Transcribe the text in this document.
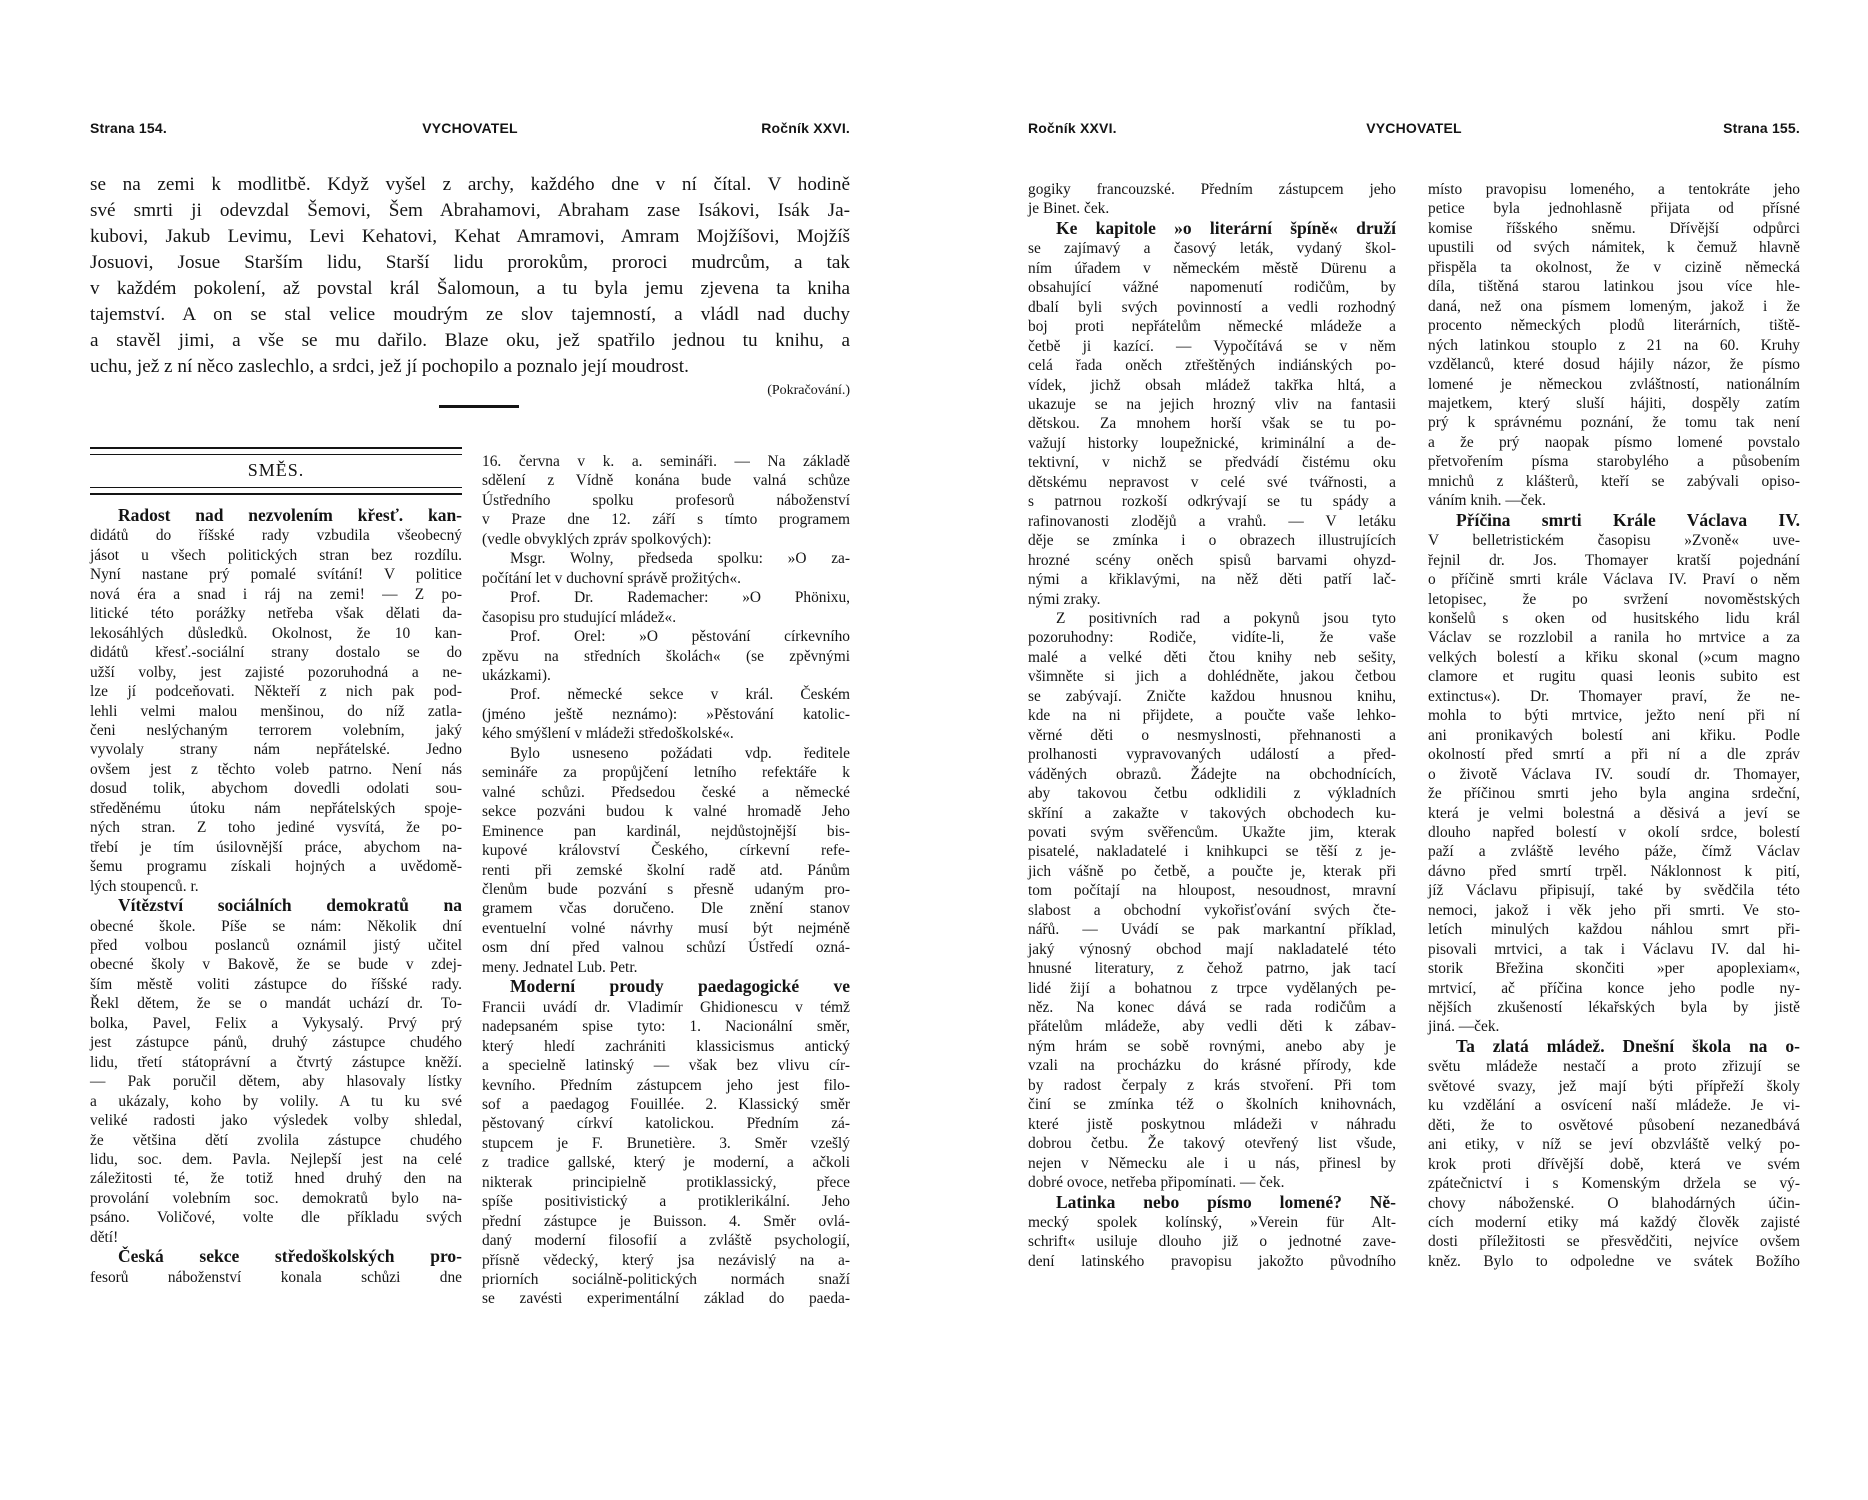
Strana 154.	VYCHOVATEL	Ročník XXVI.
se na zemi k modlitbě. Když vyšel z archy, každého dne v ní čítal. V hodině
své smrti ji odevzdal Šemovi, Šem Abrahamovi, Abraham zase Isákovi, Isák Ja-
kubovi, Jakub Levimu, Levi Kehatovi, Kehat Amramovi, Amram Mojžíšovi, Mojžíš
Josuovi, Josue Starším lidu, Starší lidu prorokům, proroci mudrcům, a tak
v každém pokolení, až povstal král Šalomoun, a tu byla jemu zjevena ta kniha
tajemství. A on se stal velice moudrým ze slov tajemností, a vládl nad duchy
a stavěl jimi, a vše se mu dařilo. Blaze oku, jež spatřilo jednou tu knihu, a
uchu, jež z ní něco zaslechlo, a srdci, jež jí pochopilo a poznalo její moudrost.
(Pokračování.)
SMĚS.
Radost nad nezvolením křesť. kan-
didátů do říšské rady vzbudila všeobecný
jásot u všech politických stran bez rozdílu.
Nyní nastane prý pomalé svítání! V politice
nová éra a snad i ráj na zemi! — Z po-
litické této porážky netřeba však dělati da-
lekosáhlých důsledků. Okolnost, že 10 kan-
didátů křesť.-sociální strany dostalo se do
užší volby, jest zajisté pozoruhodná a ne-
lze jí podceňovati. Někteří z nich pak pod-
lehli velmi malou menšinou, do níž zatla-
čeni neslýchaným terrorem volebním, jaký
vyvolaly strany nám nepřátelské. Jedno
ovšem jest z těchto voleb patrno. Není nás
dosud tolik, abychom dovedli odolati sou-
středěnému útoku nám nepřátelských spoje-
ných stran. Z toho jediné vysvítá, že po-
třebí je tím úsilovnější práce, abychom na-
šemu programu získali hojných a uvědomě-
lých stoupenců. r.
Vítězství sociálních demokratů na
obecné škole. Píše se nám: Několik dní
před volbou poslanců oznámil jistý učitel
obecné školy v Bakově, že se bude v zdej-
ším městě voliti zástupce do říšské rady.
Řekl dětem, že se o mandát uchází dr. To-
bolka, Pavel, Felix a Vykysalý. Prvý prý
jest zástupce pánů, druhý zástupce chudého
lidu, třetí státoprávní a čtvrtý zástupce kněží.
— Pak poručil dětem, aby hlasovaly lístky
a ukázaly, koho by volily. A tu ku své
veliké radosti jako výsledek volby shledal,
že většina dětí zvolila zástupce chudého
lidu, soc. dem. Pavla. Nejlepší jest na celé
záležitosti té, že totiž hned druhý den na
provolání volebním soc. demokratů bylo na-
psáno. Voličové, volte dle příkladu svých
dětí!
Česká sekce středoškolských pro-
fesorů náboženství konala schůzi dne
16. června v k. a. semináři. — Na základě
sdělení z Vídně konána bude valná schůze
Ústředního spolku profesorů náboženství
v Praze dne 12. září s tímto programem
(vedle obvyklých zpráv spolkových):
Msgr. Wolny, předseda spolku: »O za-
počítání let v duchovní správě prožitých«.
Prof. Dr. Rademacher: »O Phönixu,
časopisu pro studující mládež«.
Prof. Orel: »O pěstování církevního
zpěvu na středních školách« (se zpěvnými
ukázkami).
Prof. německé sekce v král. Českém
(jméno ještě neznámo): »Pěstování katolic-
kého smýšlení v mládeži středoškolské«.
Bylo usneseno požádati vdp. ředitele
semináře za propůjčení letního refektáře k
valné schůzi. Předsedou české a německé
sekce pozváni budou k valné hromadě Jeho
Eminence pan kardinál, nejdůstojnější bis-
kupové království Českého, církevní refe-
renti při zemské školní radě atd. Pánům
členům bude pozvání s přesně udaným pro-
gramem včas doručeno. Dle znění stanov
eventuelní volné návrhy musí být nejméně
osm dní před valnou schůzí Ústředí ozná-
meny. Jednatel Lub. Petr.
Moderní proudy paedagogické ve
Francii uvádí dr. Vladimír Ghidionescu v témž
nadepsaném spise tyto: 1. Nacionální směr,
který hledí zachrániti klassicismus antický
a specielně latinský — však bez vlivu cír-
kevního. Předním zástupcem jeho jest filo-
sof a paedagog Fouillée. 2. Klassický směr
pěstovaný církví katolickou. Předním zá-
stupcem je F. Brunetière. 3. Směr vzešlý
z tradice gallské, který je moderní, a ačkoli
nikterak principielně protiklassický, přece
spíše positivistický a protiklerikální. Jeho
přední zástupce je Buisson. 4. Směr ovlá-
daný moderní filosofií a zvláště psychologií,
přísně vědecký, který jsa nezávislý na a-
priorních sociálně-politických normách snaží
se zavésti experimentální základ do paeda-
Ročník XXVI.	VYCHOVATEL	Strana 155.
gogiky francouzské. Předním zástupcem jeho
je Binet. ček.
Ke kapitole »o literární špíně« druží
se zajímavý a časový leták, vydaný škol-
ním úřadem v německém městě Dürenu a
obsahující vážné napomenutí rodičům, by
dbalí byli svých povinností a vedli rozhodný
boj proti nepřátelům německé mládeže a
četbě ji kazící. — Vypočítává se v něm
celá řada oněch ztřeštěných indiánských po-
vídek, jichž obsah mládež takřka hltá, a
ukazuje se na jejich hrozný vliv na fantasii
dětskou. Za mnohem horší však se tu po-
važují historky loupežnické, kriminální a de-
tektivní, v nichž se předvádí čistému oku
dětskému nepravost v celé své tvářnosti, a
s patrnou rozkoší odkrývají se tu spády a
rafinovanosti zlodějů a vrahů. — V letáku
děje se zmínka i o obrazech illustrujících
hrozné scény oněch spisů barvami ohyzd-
nými a křiklavými, na něž děti patří lač-
nými zraky.
Z positivních rad a pokynů jsou tyto
pozoruhodny: Rodiče, vidíte-li, že vaše
malé a velké děti čtou knihy neb sešity,
všimněte si jich a dohlédněte, jakou četbou
se zabývají. Zničte každou hnusnou knihu,
kde na ni přijdete, a poučte vaše lehko-
věrné děti o nesmyslnosti, přehnanosti a
prolhanosti vypravovaných událostí a před-
váděných obrazů. Žádejte na obchodnících,
aby takovou četbu odklidili z výkladních
skříní a zakažte v takových obchodech ku-
povati svým svěřencům. Ukažte jim, kterak
pisatelé, nakladatelé i knihkupci se těší z je-
jich vášně po četbě, a poučte je, kterak při
tom počítají na hloupost, nesoudnost, mravní
slabost a obchodní vykořisťování svých čte-
nářů. — Uvádí se pak markantní příklad,
jaký výnosný obchod mají nakladatelé této
hnusné literatury, z čehož patrno, jak tací
lidé žijí a bohatnou z trpce vydělaných pe-
něz. Na konec dává se rada rodičům a
přátelům mládeže, aby vedli děti k zábav-
ným hrám se sobě rovnými, anebo aby je
vzali na procházku do krásné přírody, kde
by radost čerpaly z krás stvoření. Při tom
činí se zmínka též o školních knihovnách,
které jistě poskytnou mládeži v náhradu
dobrou četbu. Že takový otevřený list všude,
nejen v Německu ale i u nás, přinesl by
dobré ovoce, netřeba připomínati. — ček.
Latinka nebo písmo lomené? Ně-
mecký spolek kolínský, »Verein für Alt-
schrift« usiluje dlouho již o jednotné zave-
dení latinského pravopisu jakožto původního
místo pravopisu lomeného, a tentokráte jeho
petice byla jednohlasně přijata od přísné
komise říšského sněmu. Dřívější odpůrci
upustili od svých námitek, k čemuž hlavně
přispěla ta okolnost, že v cizině německá
díla, tištěná starou latinkou jsou více hle-
daná, než ona písmem lomeným, jakož i že
procento německých plodů literárních, tiště-
ných latinkou stouplo z 21 na 60. Kruhy
vzdělanců, které dosud hájily názor, že písmo
lomené je německou zvláštností, nationálním
majetkem, který sluší hájiti, dospěly zatím
prý k správnému poznání, že tomu tak není
a že prý naopak písmo lomené povstalo
přetvořením písma starobylého a působením
mnichů z klášterů, kteří se zabývali opiso-
váním knih. —ček.
Příčina smrti Krále Václava IV.
V belletristickém časopisu »Zvoně« uve-
řejnil dr. Jos. Thomayer kratší pojednání
o příčině smrti krále Václava IV. Praví o něm
letopisec, že po svržení novoměstských
konšelů s oken od husitského lidu král
Václav se rozzlobil a ranila ho mrtvice a za
velkých bolestí a křiku skonal (»cum magno
clamore et rugitu quasi leonis subito est
extinctus«). Dr. Thomayer praví, že ne-
mohla to býti mrtvice, ježto není při ní
ani pronikavých bolestí ani křiku. Podle
okolností před smrtí a při ní a dle zpráv
o životě Václava IV. soudí dr. Thomayer,
že příčinou smrti jeho byla angina srdeční,
která je velmi bolestná a děsivá a jeví se
dlouho napřed bolestí v okolí srdce, bolestí
paží a zvláště levého páže, čímž Václav
dávno před smrtí trpěl. Náklonnost k pití,
jíž Václavu připisují, také by svědčila této
nemoci, jakož i věk jeho při smrti. Ve sto-
letích minulých každou náhlou smrt při-
pisovali mrtvici, a tak i Václavu IV. dal hi-
storik Břežina skončiti »per apoplexiam«,
mrtvicí, ač příčina konce jeho podle ny-
nějších zkušeností lékařských byla by jistě
jiná. —ček.
Ta zlatá mládež. Dnešní škola na o-
světu mládeže nestačí a proto zřizují se
světové svazy, jež mají býti přípřeží školy
ku vzdělání a osvícení naší mládeže. Je vi-
děti, že to osvětové působení nezanedbává
ani etiky, v níž se jeví obzvláště velký po-
krok proti dřívější době, která ve svém
zpátečnictví i s Komenským držela se vý-
chovy náboženské. O blahodárných účin-
cích moderní etiky má každý člověk zajisté
dosti příležitosti se přesvědčiti, nejvíce ovšem
kněz. Bylo to odpoledne ve svátek Božího
